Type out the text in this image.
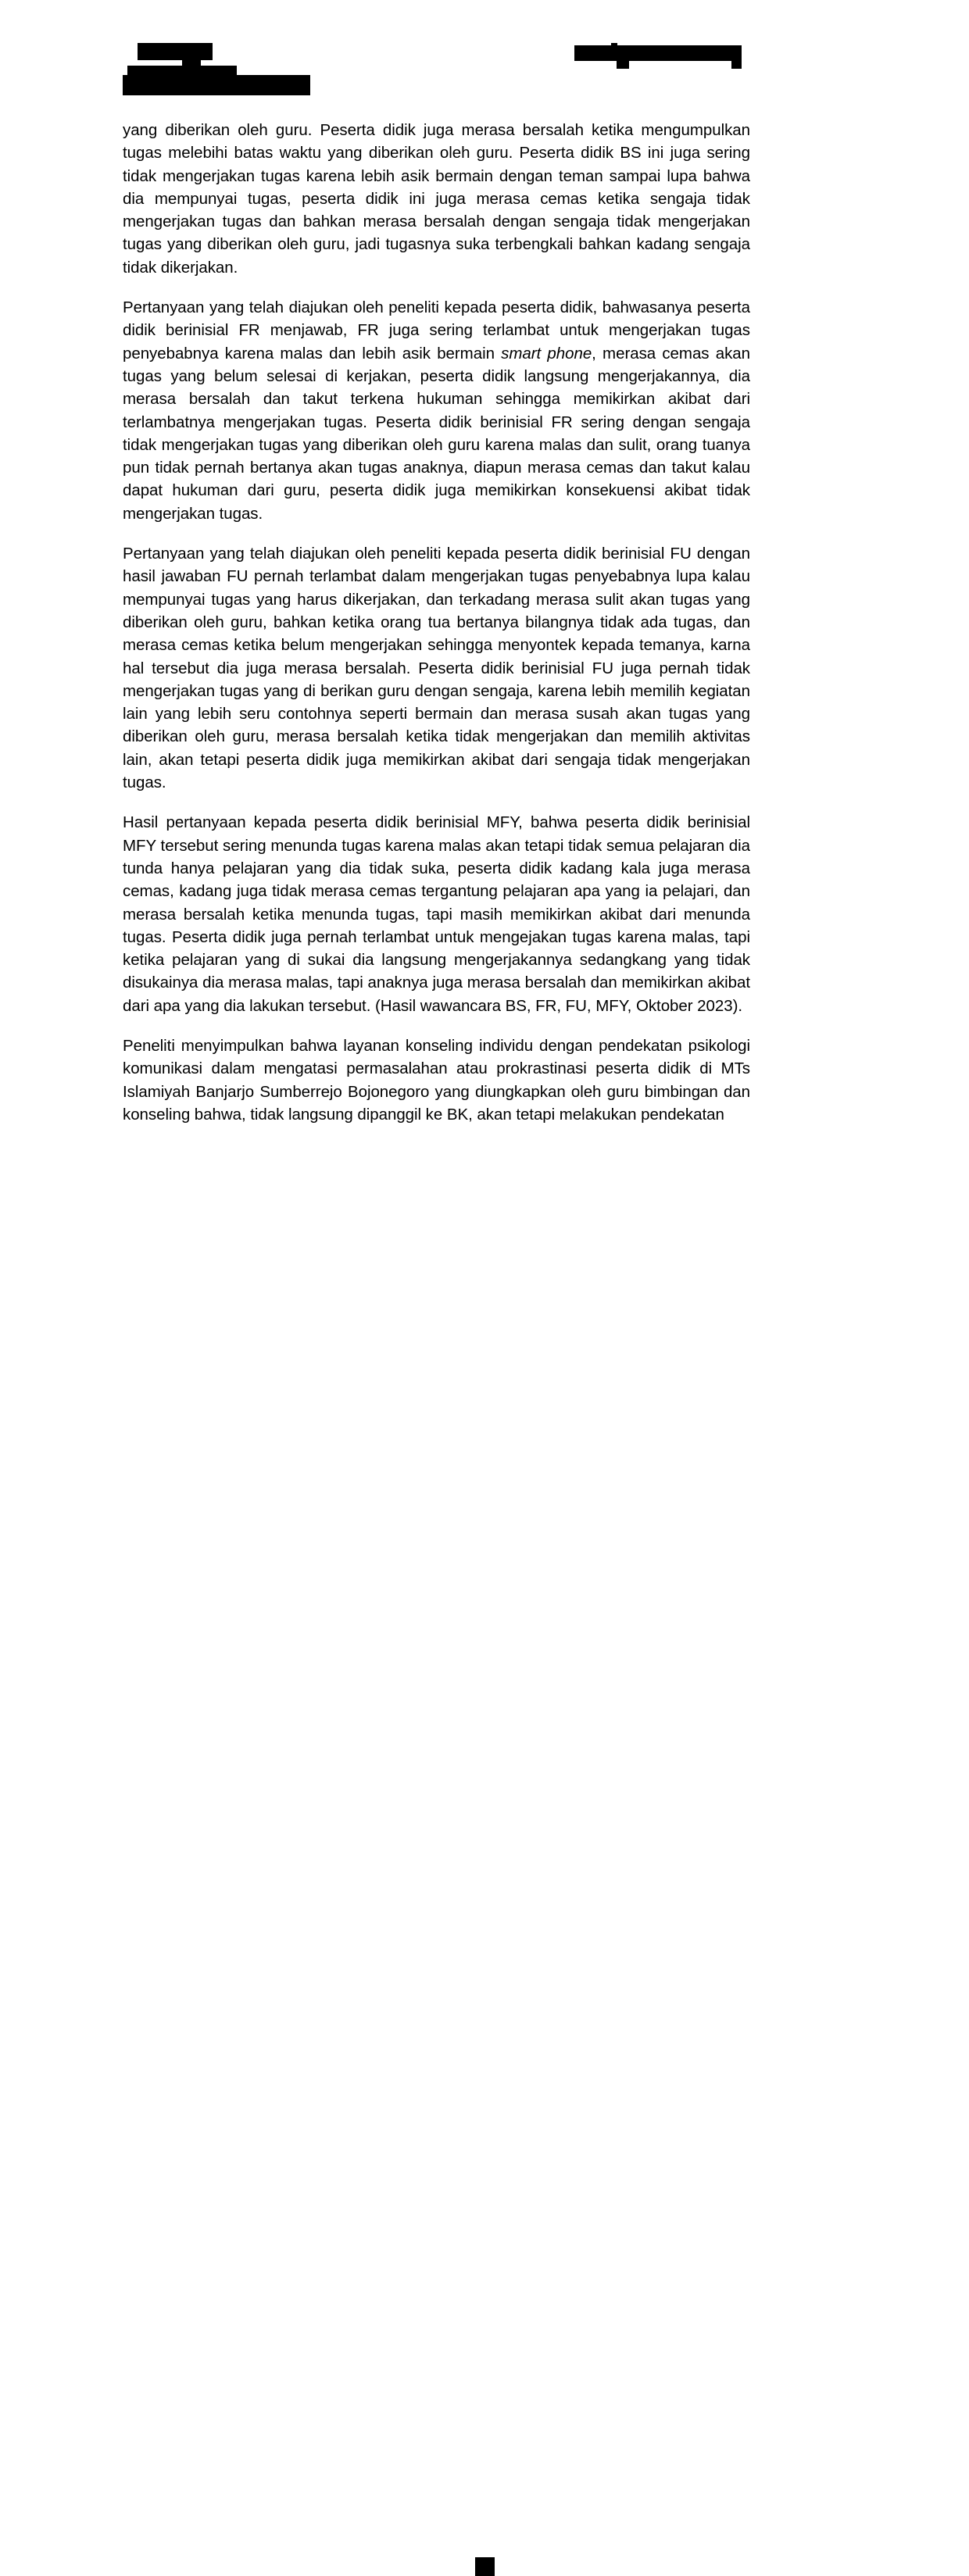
yang diberikan oleh guru. Peserta didik juga merasa bersalah ketika mengumpulkan tugas melebihi batas waktu yang diberikan oleh guru. Peserta didik BS ini juga sering tidak mengerjakan tugas karena lebih asik bermain dengan teman sampai lupa bahwa dia mempunyai tugas, peserta didik ini juga merasa cemas ketika sengaja tidak mengerjakan tugas dan bahkan merasa bersalah dengan sengaja tidak mengerjakan tugas yang diberikan oleh guru, jadi tugasnya suka terbengkali bahkan kadang sengaja tidak dikerjakan.

Pertanyaan yang telah diajukan oleh peneliti kepada peserta didik, bahwasanya peserta didik berinisial FR menjawab, FR juga sering terlambat untuk mengerjakan tugas penyebabnya karena malas dan lebih asik bermain smart phone, merasa cemas akan tugas yang belum selesai di kerjakan, peserta didik langsung mengerjakannya, dia merasa bersalah dan takut terkena hukuman sehingga memikirkan akibat dari terlambatnya mengerjakan tugas. Peserta didik berinisial FR sering dengan sengaja tidak mengerjakan tugas yang diberikan oleh guru karena malas dan sulit, orang tuanya pun tidak pernah bertanya akan tugas anaknya, diapun merasa cemas dan takut kalau dapat hukuman dari guru, peserta didik juga memikirkan konsekuensi akibat tidak mengerjakan tugas.

Pertanyaan yang telah diajukan oleh peneliti kepada peserta didik berinisial FU dengan hasil jawaban FU pernah terlambat dalam mengerjakan tugas penyebabnya lupa kalau mempunyai tugas yang harus dikerjakan, dan terkadang merasa sulit akan tugas yang diberikan oleh guru, bahkan ketika orang tua bertanya bilangnya tidak ada tugas, dan merasa cemas ketika belum mengerjakan sehingga menyontek kepada temanya, karna hal tersebut dia juga merasa bersalah. Peserta didik berinisial FU juga pernah tidak mengerjakan tugas yang di berikan guru dengan sengaja, karena lebih memilih kegiatan lain yang lebih seru contohnya seperti bermain dan merasa susah akan tugas yang diberikan oleh guru, merasa bersalah ketika tidak mengerjakan dan memilih aktivitas lain, akan tetapi peserta didik juga memikirkan akibat dari sengaja tidak mengerjakan tugas.

Hasil pertanyaan kepada peserta didik berinisial MFY, bahwa peserta didik berinisial MFY tersebut sering menunda tugas karena malas akan tetapi tidak semua pelajaran dia tunda hanya pelajaran yang dia tidak suka, peserta didik kadang kala juga merasa cemas, kadang juga tidak merasa cemas tergantung pelajaran apa yang ia pelajari, dan merasa bersalah ketika menunda tugas, tapi masih memikirkan akibat dari menunda tugas. Peserta didik juga pernah terlambat untuk mengejakan tugas karena malas, tapi ketika pelajaran yang di sukai dia langsung mengerjakannya sedangkang yang tidak disukainya dia merasa malas, tapi anaknya juga merasa bersalah dan memikirkan akibat dari apa yang dia lakukan tersebut. (Hasil wawancara BS, FR, FU, MFY, Oktober 2023).

Peneliti menyimpulkan bahwa layanan konseling individu dengan pendekatan psikologi komunikasi dalam mengatasi permasalahan atau prokrastinasi peserta didik di MTs Islamiyah Banjarjo Sumberrejo Bojonegoro yang diungkapkan oleh guru bimbingan dan konseling bahwa, tidak langsung dipanggil ke BK, akan tetapi melakukan pendekatan
